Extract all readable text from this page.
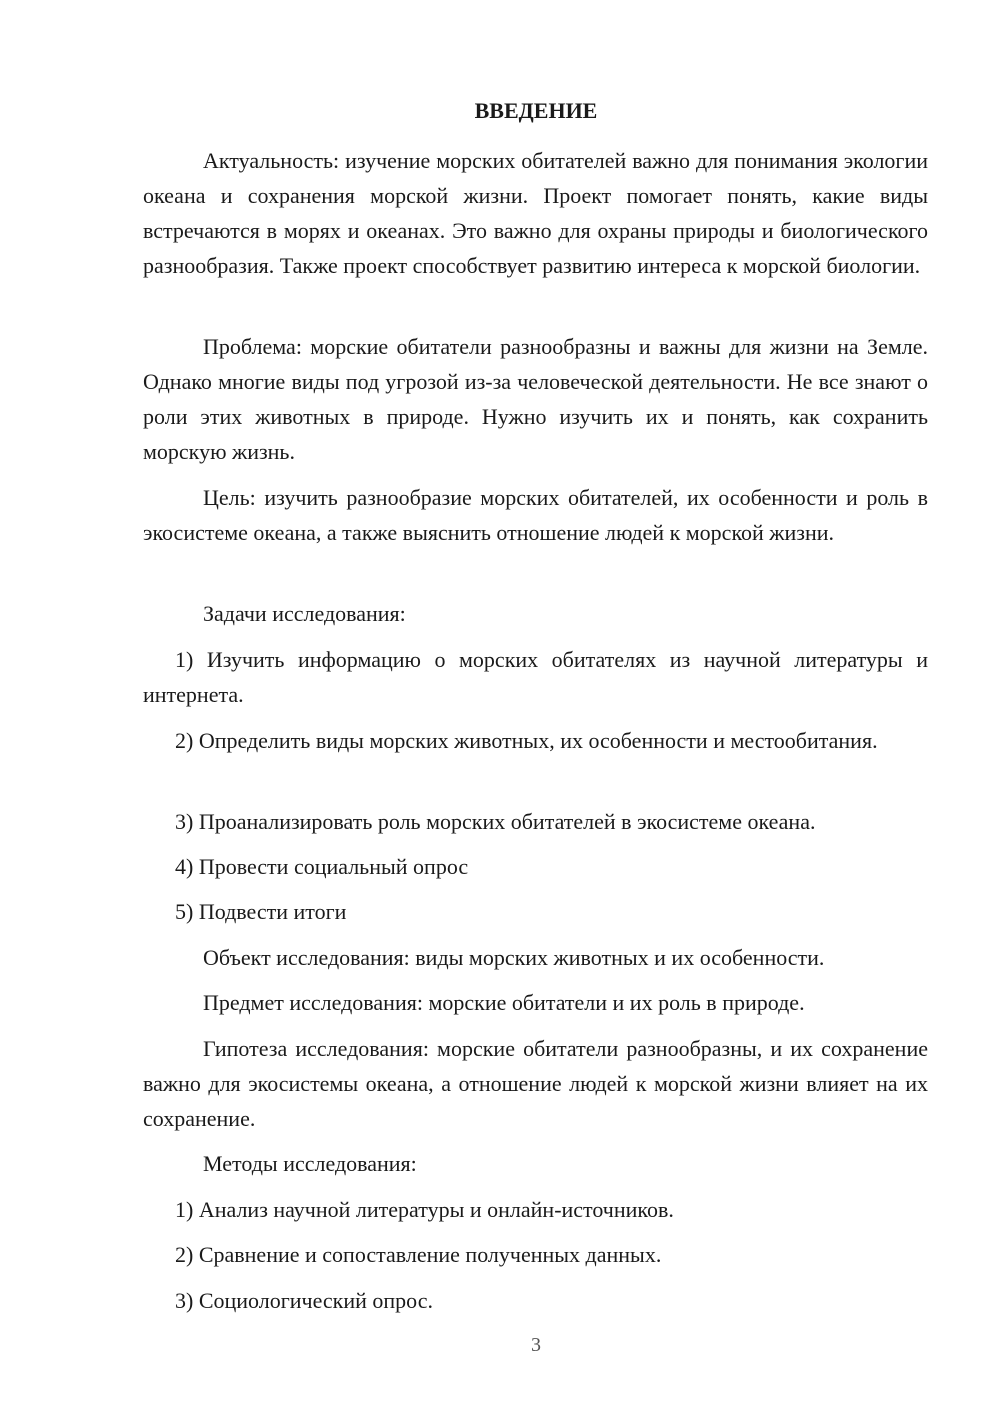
ВВЕДЕНИЕ

Актуальность: изучение морских обитателей важно для понимания экологии океана и сохранения морской жизни. Проект помогает понять, какие виды встречаются в морях и океанах. Это важно для охраны природы и биологического разнообразия. Также проект способствует развитию интереса к морской биологии.

Проблема: морские обитатели разнообразны и важны для жизни на Земле. Однако многие виды под угрозой из-за человеческой деятельности. Не все знают о роли этих животных в природе. Нужно изучить их и понять, как сохранить морскую жизнь.

Цель: изучить разнообразие морских обитателей, их особенности и роль в экосистеме океана, а также выяснить отношение людей к морской жизни.

Задачи исследования:

1) Изучить информацию о морских обитателях из научной литературы и интернета.

2) Определить виды морских животных, их особенности и местообитания.

3) Проанализировать роль морских обитателей в экосистеме океана.

4) Провести социальный опрос

5) Подвести итоги

Объект исследования: виды морских животных и их особенности.

Предмет исследования: морские обитатели и их роль в природе.

Гипотеза исследования: морские обитатели разнообразны, и их сохранение важно для экосистемы океана, а отношение людей к морской жизни влияет на их сохранение.

Методы исследования:

1) Анализ научной литературы и онлайн-источников.

2) Сравнение и сопоставление полученных данных.

3) Социологический опрос.

3
